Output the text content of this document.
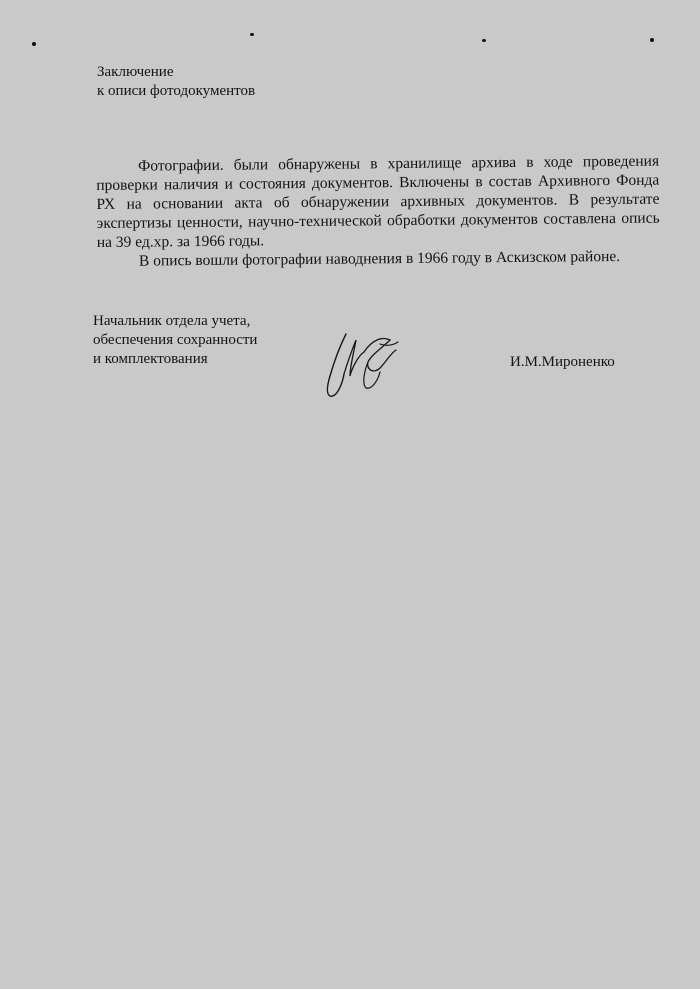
Заключение
к описи фотодокументов

Фотографии. были обнаружены в хранилище архива в ходе проведения проверки наличия и состояния документов. Включены в состав Архивного Фонда РХ на основании акта об обнаружении архивных документов. В результате экспертизы ценности, научно-технической обработки документов составлена опись на 39 ед.хр. за 1966 годы.

В опись вошли фотографии наводнения в 1966 году в Аскизском районе.

Начальник отдела учета,
обеспечения сохранности
и комплектования	И.М.Мироненко
